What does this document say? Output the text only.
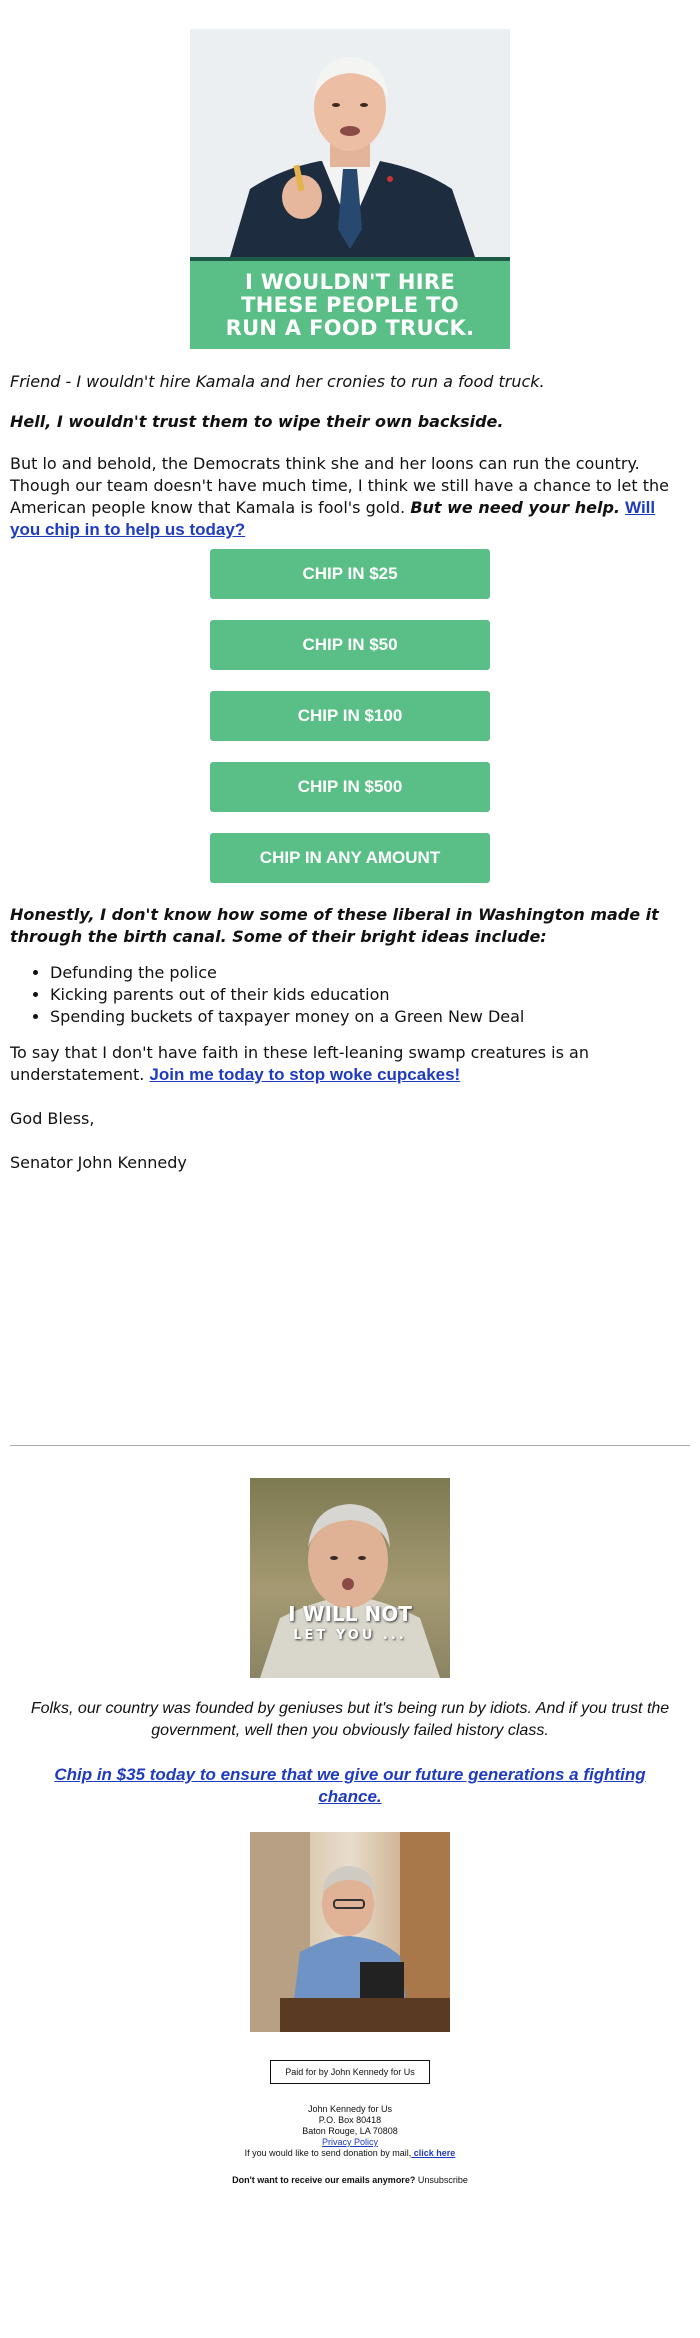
I WOULDN'T HIRE THESE PEOPLE TO RUN A FOOD TRUCK.

Friend - I wouldn't hire Kamala and her cronies to run a food truck.

Hell, I wouldn't trust them to wipe their own backside.

But lo and behold, the Democrats think she and her loons can run the country. Though our team doesn't have much time, I think we still have a chance to let the American people know that Kamala is fool's gold. But we need your help. Will you chip in to help us today?

CHIP IN $25
CHIP IN $50
CHIP IN $100
CHIP IN $500
CHIP IN ANY AMOUNT

Honestly, I don't know how some of these liberal in Washington made it through the birth canal. Some of their bright ideas include:

• Defunding the police
• Kicking parents out of their kids education
• Spending buckets of taxpayer money on a Green New Deal

To say that I don't have faith in these left-leaning swamp creatures is an understatement. Join me today to stop woke cupcakes!

God Bless,

Senator John Kennedy

I WILL NOT
LET YOU ...

Folks, our country was founded by geniuses but it's being run by idiots. And if you trust the government, well then you obviously failed history class.

Chip in $35 today to ensure that we give our future generations a fighting chance.

Paid for by John Kennedy for Us
John Kennedy for Us
P.O. Box 80418
Baton Rouge, LA 70808
Privacy Policy
If you would like to send donation by mail, click here
Don't want to receive our emails anymore? Unsubscribe
